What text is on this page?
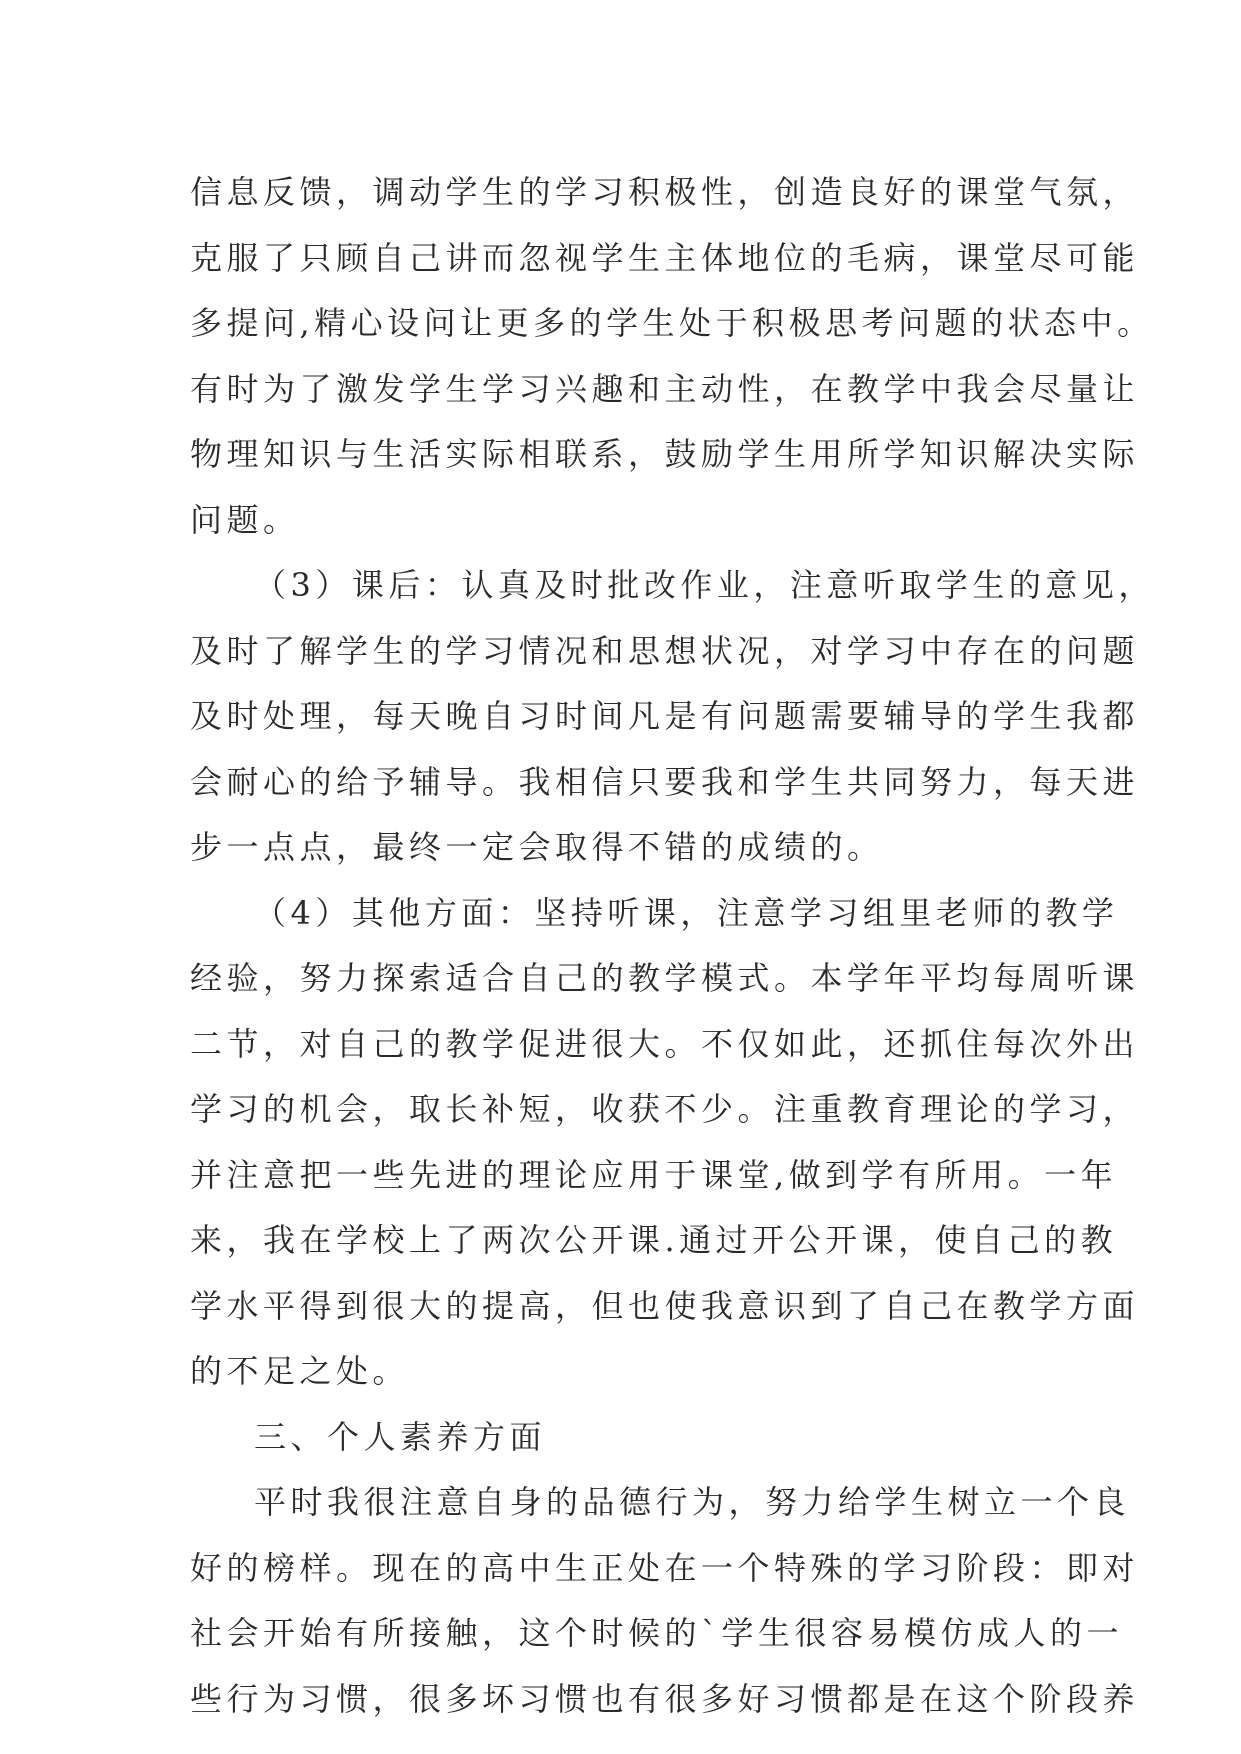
信息反馈，调动学生的学习积极性，创造良好的课堂气氛，
克服了只顾自己讲而忽视学生主体地位的毛病，课堂尽可能
多提问,精心设问让更多的学生处于积极思考问题的状态中。
有时为了激发学生学习兴趣和主动性，在教学中我会尽量让
物理知识与生活实际相联系，鼓励学生用所学知识解决实际
问题。
（3）课后：认真及时批改作业，注意听取学生的意见，
及时了解学生的学习情况和思想状况，对学习中存在的问题
及时处理，每天晚自习时间凡是有问题需要辅导的学生我都
会耐心的给予辅导。我相信只要我和学生共同努力，每天进
步一点点，最终一定会取得不错的成绩的。
（4）其他方面：坚持听课，注意学习组里老师的教学
经验，努力探索适合自己的教学模式。本学年平均每周听课
二节，对自己的教学促进很大。不仅如此，还抓住每次外出
学习的机会，取长补短，收获不少。注重教育理论的学习，
并注意把一些先进的理论应用于课堂,做到学有所用。一年
来，我在学校上了两次公开课.通过开公开课，使自己的教
学水平得到很大的提高，但也使我意识到了自己在教学方面
的不足之处。
三、个人素养方面
平时我很注意自身的品德行为，努力给学生树立一个良
好的榜样。现在的高中生正处在一个特殊的学习阶段：即对
社会开始有所接触，这个时候的`学生很容易模仿成人的一
些行为习惯，很多坏习惯也有很多好习惯都是在这个阶段养
